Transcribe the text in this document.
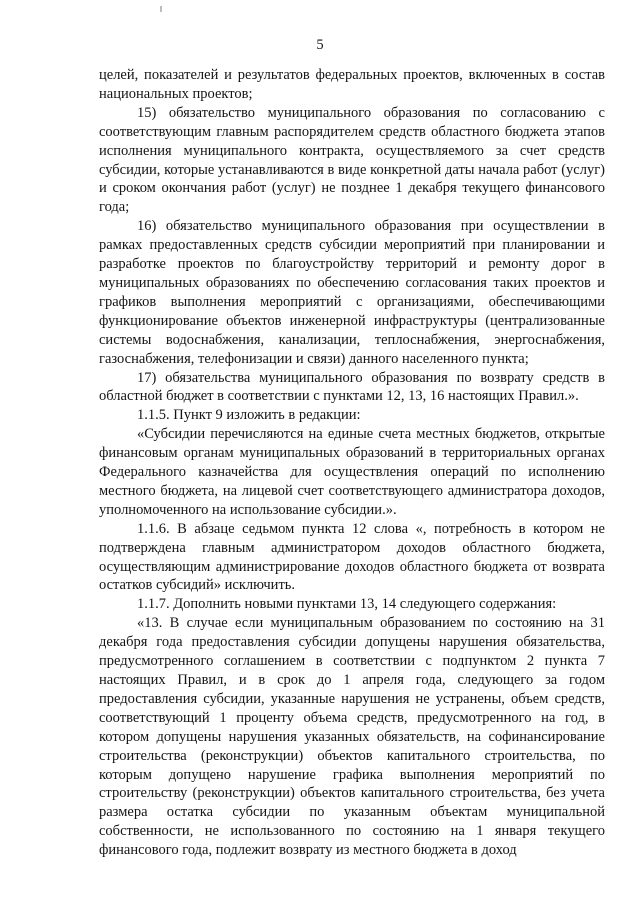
5

целей, показателей и результатов федеральных проектов, включенных в состав национальных проектов;

15) обязательство муниципального образования по согласованию с соответствующим главным распорядителем средств областного бюджета этапов исполнения муниципального контракта, осуществляемого за счет средств субсидии, которые устанавливаются в виде конкретной даты начала работ (услуг) и сроком окончания работ (услуг) не позднее 1 декабря текущего финансового года;

16) обязательство муниципального образования при осуществлении в рамках предоставленных средств субсидии мероприятий при планировании и разработке проектов по благоустройству территорий и ремонту дорог в муниципальных образованиях по обеспечению согласования таких проектов и графиков выполнения мероприятий с организациями, обеспечивающими функционирование объектов инженерной инфраструктуры (централизованные системы водоснабжения, канализации, теплоснабжения, энергоснабжения, газоснабжения, телефонизации и связи) данного населенного пункта;

17) обязательства муниципального образования по возврату средств в областной бюджет в соответствии с пунктами 12, 13, 16 настоящих Правил.».

1.1.5. Пункт 9 изложить в редакции:

«Субсидии перечисляются на единые счета местных бюджетов, открытые финансовым органам муниципальных образований в территориальных органах Федерального казначейства для осуществления операций по исполнению местного бюджета, на лицевой счет соответствующего администратора доходов, уполномоченного на использование субсидии.».

1.1.6. В абзаце седьмом пункта 12 слова «, потребность в котором не подтверждена главным администратором доходов областного бюджета, осуществляющим администрирование доходов областного бюджета от возврата остатков субсидий» исключить.

1.1.7. Дополнить новыми пунктами 13, 14 следующего содержания:

«13. В случае если муниципальным образованием по состоянию на 31 декабря года предоставления субсидии допущены нарушения обязательства, предусмотренного соглашением в соответствии с подпунктом 2 пункта 7 настоящих Правил, и в срок до 1 апреля года, следующего за годом предоставления субсидии, указанные нарушения не устранены, объем средств, соответствующий 1 проценту объема средств, предусмотренного на год, в котором допущены нарушения указанных обязательств, на софинансирование строительства (реконструкции) объектов капитального строительства, по которым допущено нарушение графика выполнения мероприятий по строительству (реконструкции) объектов капитального строительства, без учета размера остатка субсидии по указанным объектам муниципальной собственности, не использованного по состоянию на 1 января текущего финансового года, подлежит возврату из местного бюджета в доход
